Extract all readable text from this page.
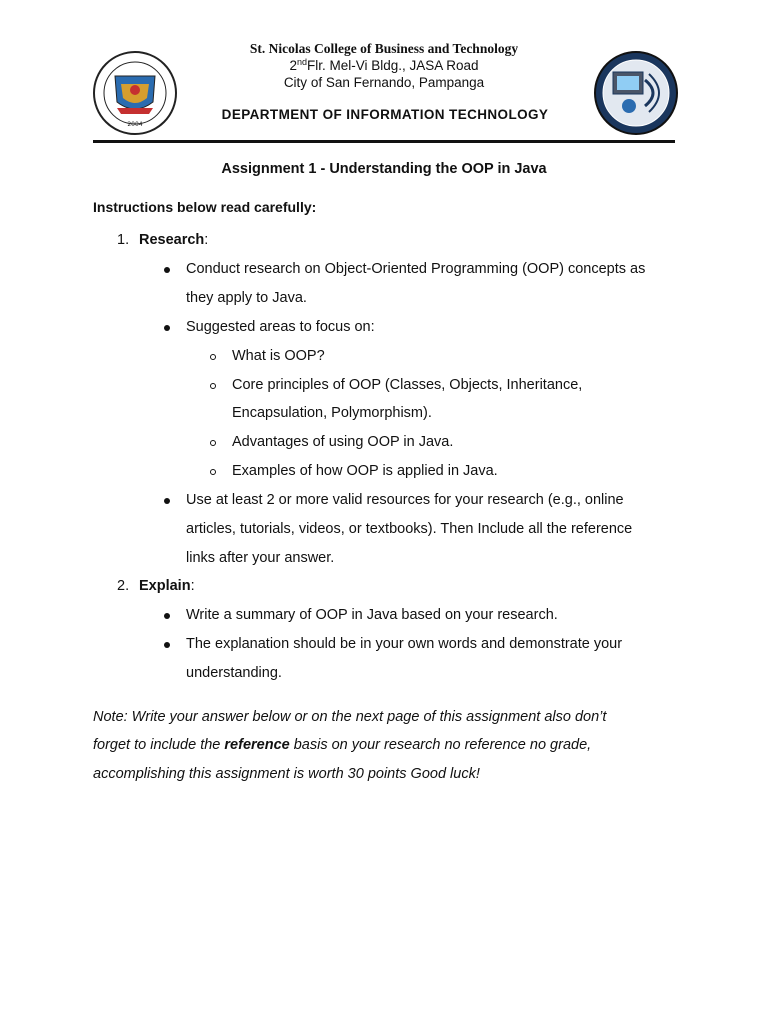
2004
St. Nicolas College of Business and Technology
2ndFlr. Mel-Vi Bldg., JASA Road
City of San Fernando, Pampanga
DEPARTMENT OF INFORMATION TECHNOLOGY
Assignment 1 - Understanding the OOP in Java
Instructions below read carefully:
1. Research:
Conduct research on Object-Oriented Programming (OOP) concepts as
they apply to Java.
Suggested areas to focus on:
What is OOP?
Core principles of OOP (Classes, Objects, Inheritance,
Encapsulation, Polymorphism).
Advantages of using OOP in Java.
Examples of how OOP is applied in Java.
Use at least 2 or more valid resources for your research (e.g., online
articles, tutorials, videos, or textbooks). Then Include all the reference
links after your answer.
2. Explain:
Write a summary of OOP in Java based on your research.
The explanation should be in your own words and demonstrate your
understanding.
Note: Write your answer below or on the next page of this assignment also don’t
forget to include the reference basis on your research no reference no grade,
accomplishing this assignment is worth 30 points Good luck!
